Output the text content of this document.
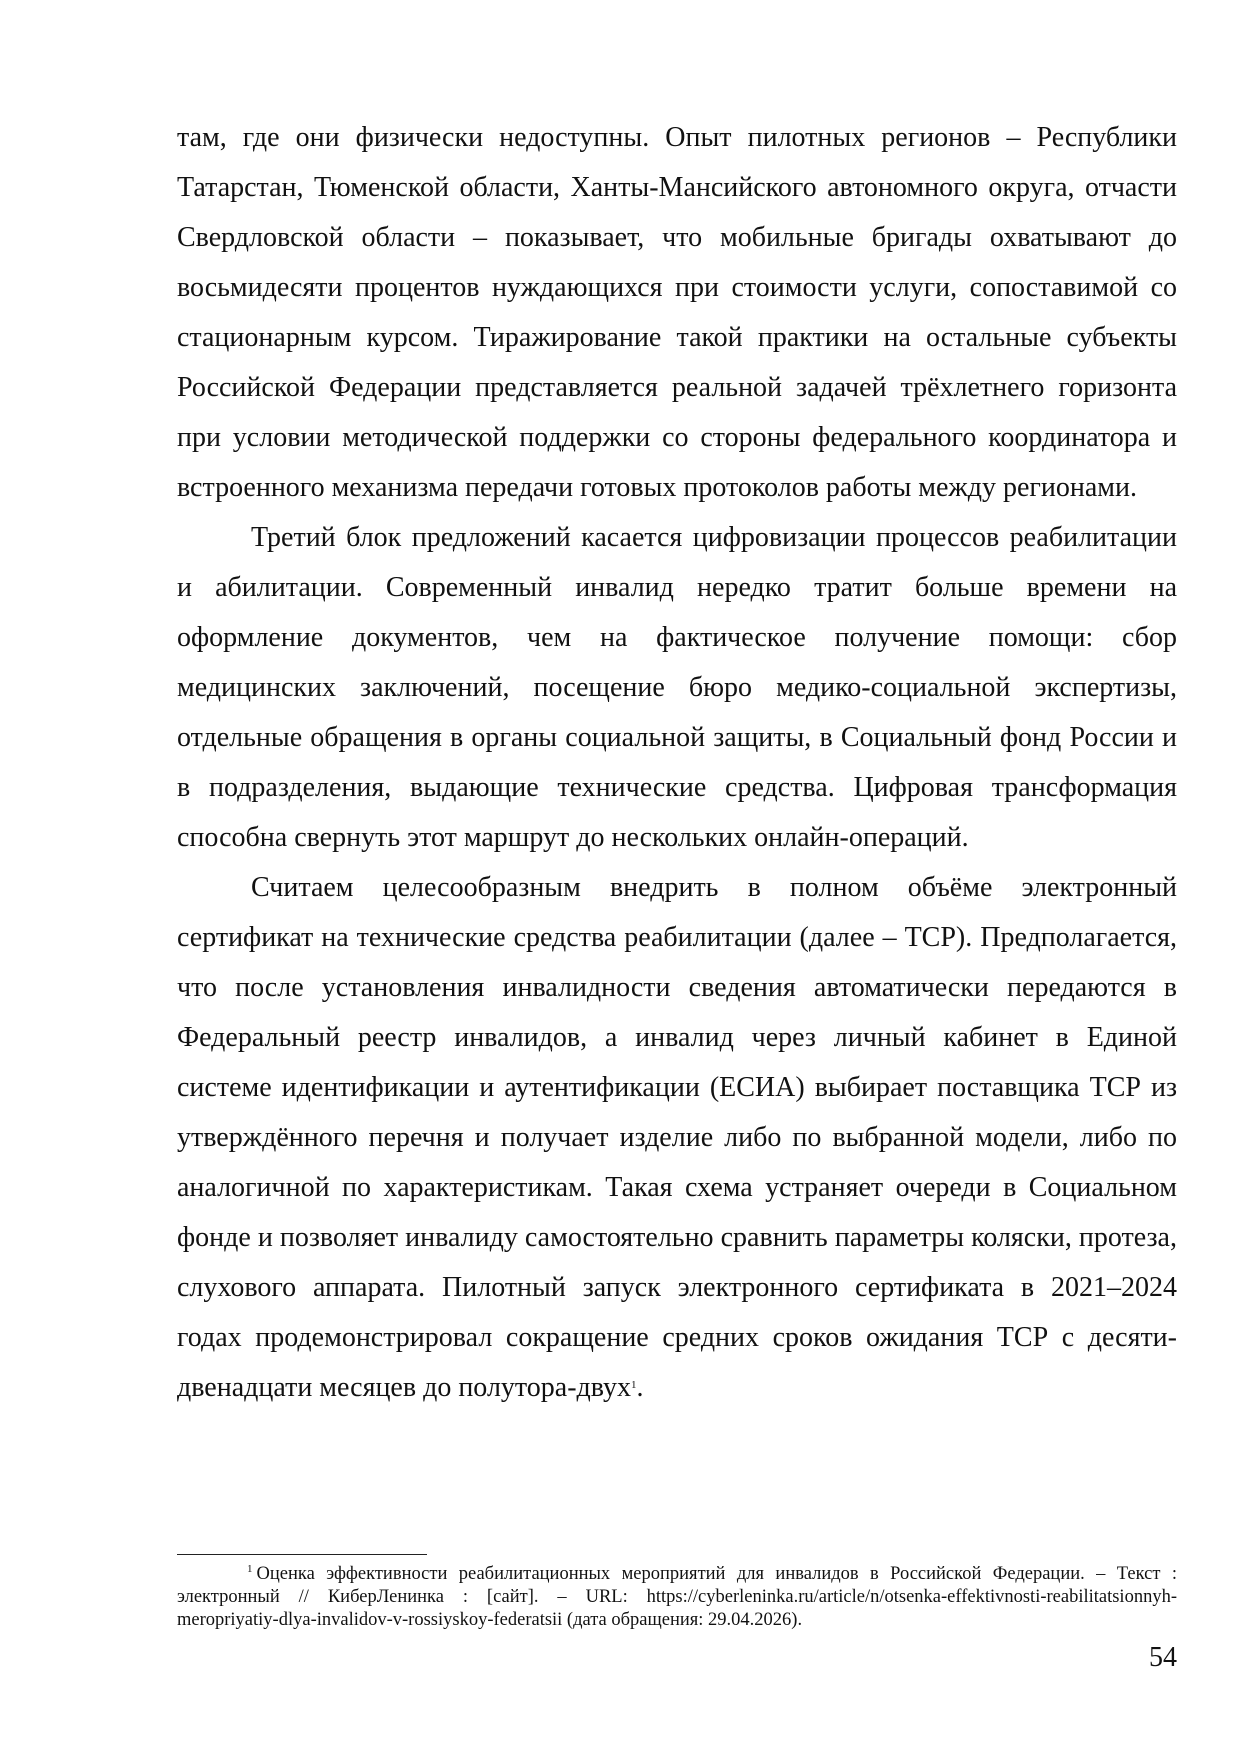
там, где они физически недоступны. Опыт пилотных регионов – Республики Татарстан, Тюменской области, Ханты-Мансийского автономного округа, отчасти Свердловской области – показывает, что мобильные бригады охватывают до восьмидесяти процентов нуждающихся при стоимости услуги, сопоставимой со стационарным курсом. Тиражирование такой практики на остальные субъекты Российской Федерации представляется реальной задачей трёхлетнего горизонта при условии методической поддержки со стороны федерального координатора и встроенного механизма передачи готовых протоколов работы между регионами.

Третий блок предложений касается цифровизации процессов реабилитации и абилитации. Современный инвалид нередко тратит больше времени на оформление документов, чем на фактическое получение помощи: сбор медицинских заключений, посещение бюро медико-социальной экспертизы, отдельные обращения в органы социальной защиты, в Социальный фонд России и в подразделения, выдающие технические средства. Цифровая трансформация способна свернуть этот маршрут до нескольких онлайн-операций.

Считаем целесообразным внедрить в полном объёме электронный сертификат на технические средства реабилитации (далее – ТСР). Предполагается, что после установления инвалидности сведения автоматически передаются в Федеральный реестр инвалидов, а инвалид через личный кабинет в Единой системе идентификации и аутентификации (ЕСИА) выбирает поставщика ТСР из утверждённого перечня и получает изделие либо по выбранной модели, либо по аналогичной по характеристикам. Такая схема устраняет очереди в Социальном фонде и позволяет инвалиду самостоятельно сравнить параметры коляски, протеза, слухового аппарата. Пилотный запуск электронного сертификата в 2021–2024 годах продемонстрировал сокращение средних сроков ожидания ТСР с десяти-двенадцати месяцев до полутора-двух$^1$.

$^1$ Оценка эффективности реабилитационных мероприятий для инвалидов в Российской Федерации. – Текст : электронный // КиберЛенинка : [сайт]. – URL: https://cyberleninka.ru/article/n/otsenka-effektivnosti-reabilitatsionnyh-meropriyatiy-dlya-invalidov-v-rossiyskoy-federatsii (дата обращения: 29.04.2026).
54
